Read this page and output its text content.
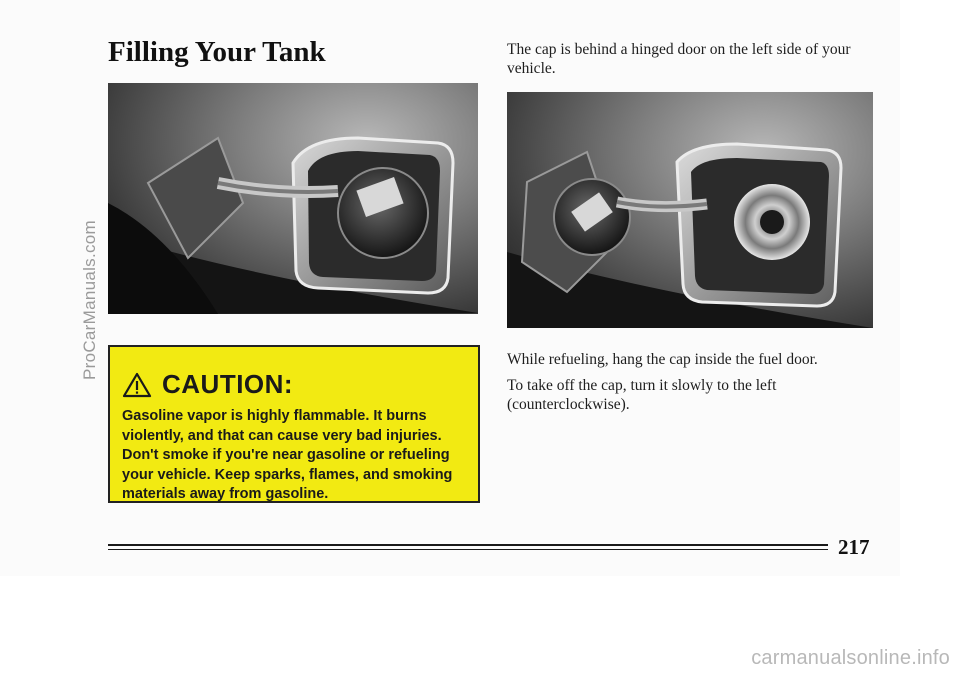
Filling Your Tank	The cap is behind a hinged door on the left side of your vehicle.

CAUTION:

Gasoline vapor is highly flammable. It burns violently, and that can cause very bad injuries. Don't smoke if you're near gasoline or refueling your vehicle. Keep sparks, flames, and smoking materials away from gasoline.

While refueling, hang the cap inside the fuel door.

To take off the cap, turn it slowly to the left (counterclockwise).

217
ProCarManuals.com
carmanualsonline.info
